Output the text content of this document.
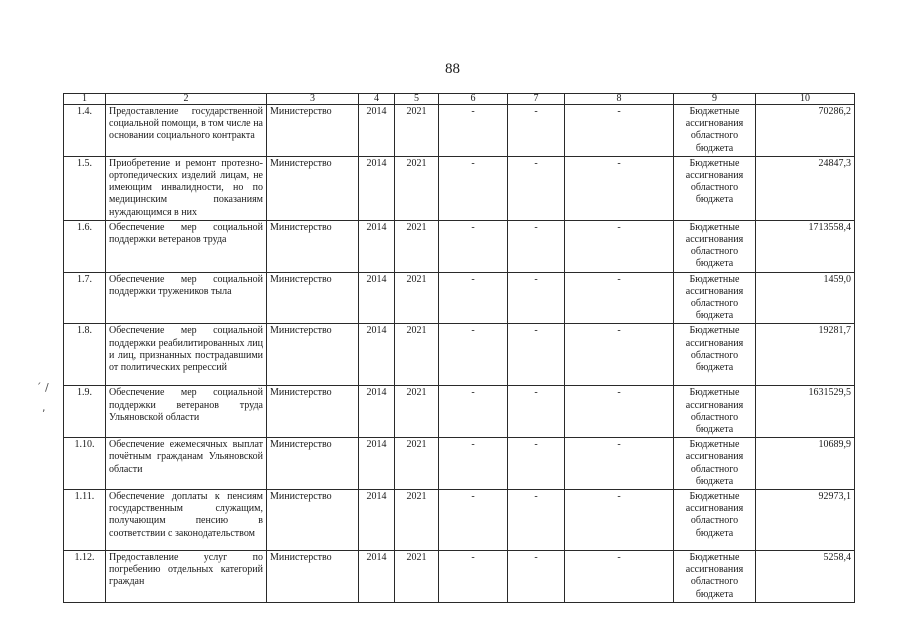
88
´ /
,
1	2	3	4	5	6	7	8	9	10
1.4.	Предоставление государственной социальной помощи, в том числе на основании социального контракта	Министерство	2014	2021	-	-	-	Бюджетные ассигнования областного бюджета	70286,2
1.5.	Приобретение и ремонт протезно-ортопедических изделий лицам, не имеющим инвалидности, но по медицинским показаниям нуждающимся в них	Министерство	2014	2021	-	-	-	Бюджетные ассигнования областного бюджета	24847,3
1.6.	Обеспечение мер социальной поддержки ветеранов труда	Министерство	2014	2021	-	-	-	Бюджетные ассигнования областного бюджета	1713558,4
1.7.	Обеспечение мер социальной поддержки тружеников тыла	Министерство	2014	2021	-	-	-	Бюджетные ассигнования областного бюджета	1459,0
1.8.	Обеспечение мер социальной поддержки реабилитированных лиц и лиц, признанных пострадавшими от политических репрессий	Министерство	2014	2021	-	-	-	Бюджетные ассигнования областного бюджета	19281,7
1.9.	Обеспечение мер социальной поддержки ветеранов труда Ульяновской области	Министерство	2014	2021	-	-	-	Бюджетные ассигнования областного бюджета	1631529,5
1.10.	Обеспечение ежемесячных выплат почётным гражданам Ульяновской области	Министерство	2014	2021	-	-	-	Бюджетные ассигнования областного бюджета	10689,9
1.11.	Обеспечение доплаты к пенсиям государственным служащим, получающим пенсию в соответствии с законодательством	Министерство	2014	2021	-	-	-	Бюджетные ассигнования областного бюджета	92973,1
1.12.	Предоставление услуг по погребению отдельных категорий граждан	Министерство	2014	2021	-	-	-	Бюджетные ассигнования областного бюджета	5258,4
